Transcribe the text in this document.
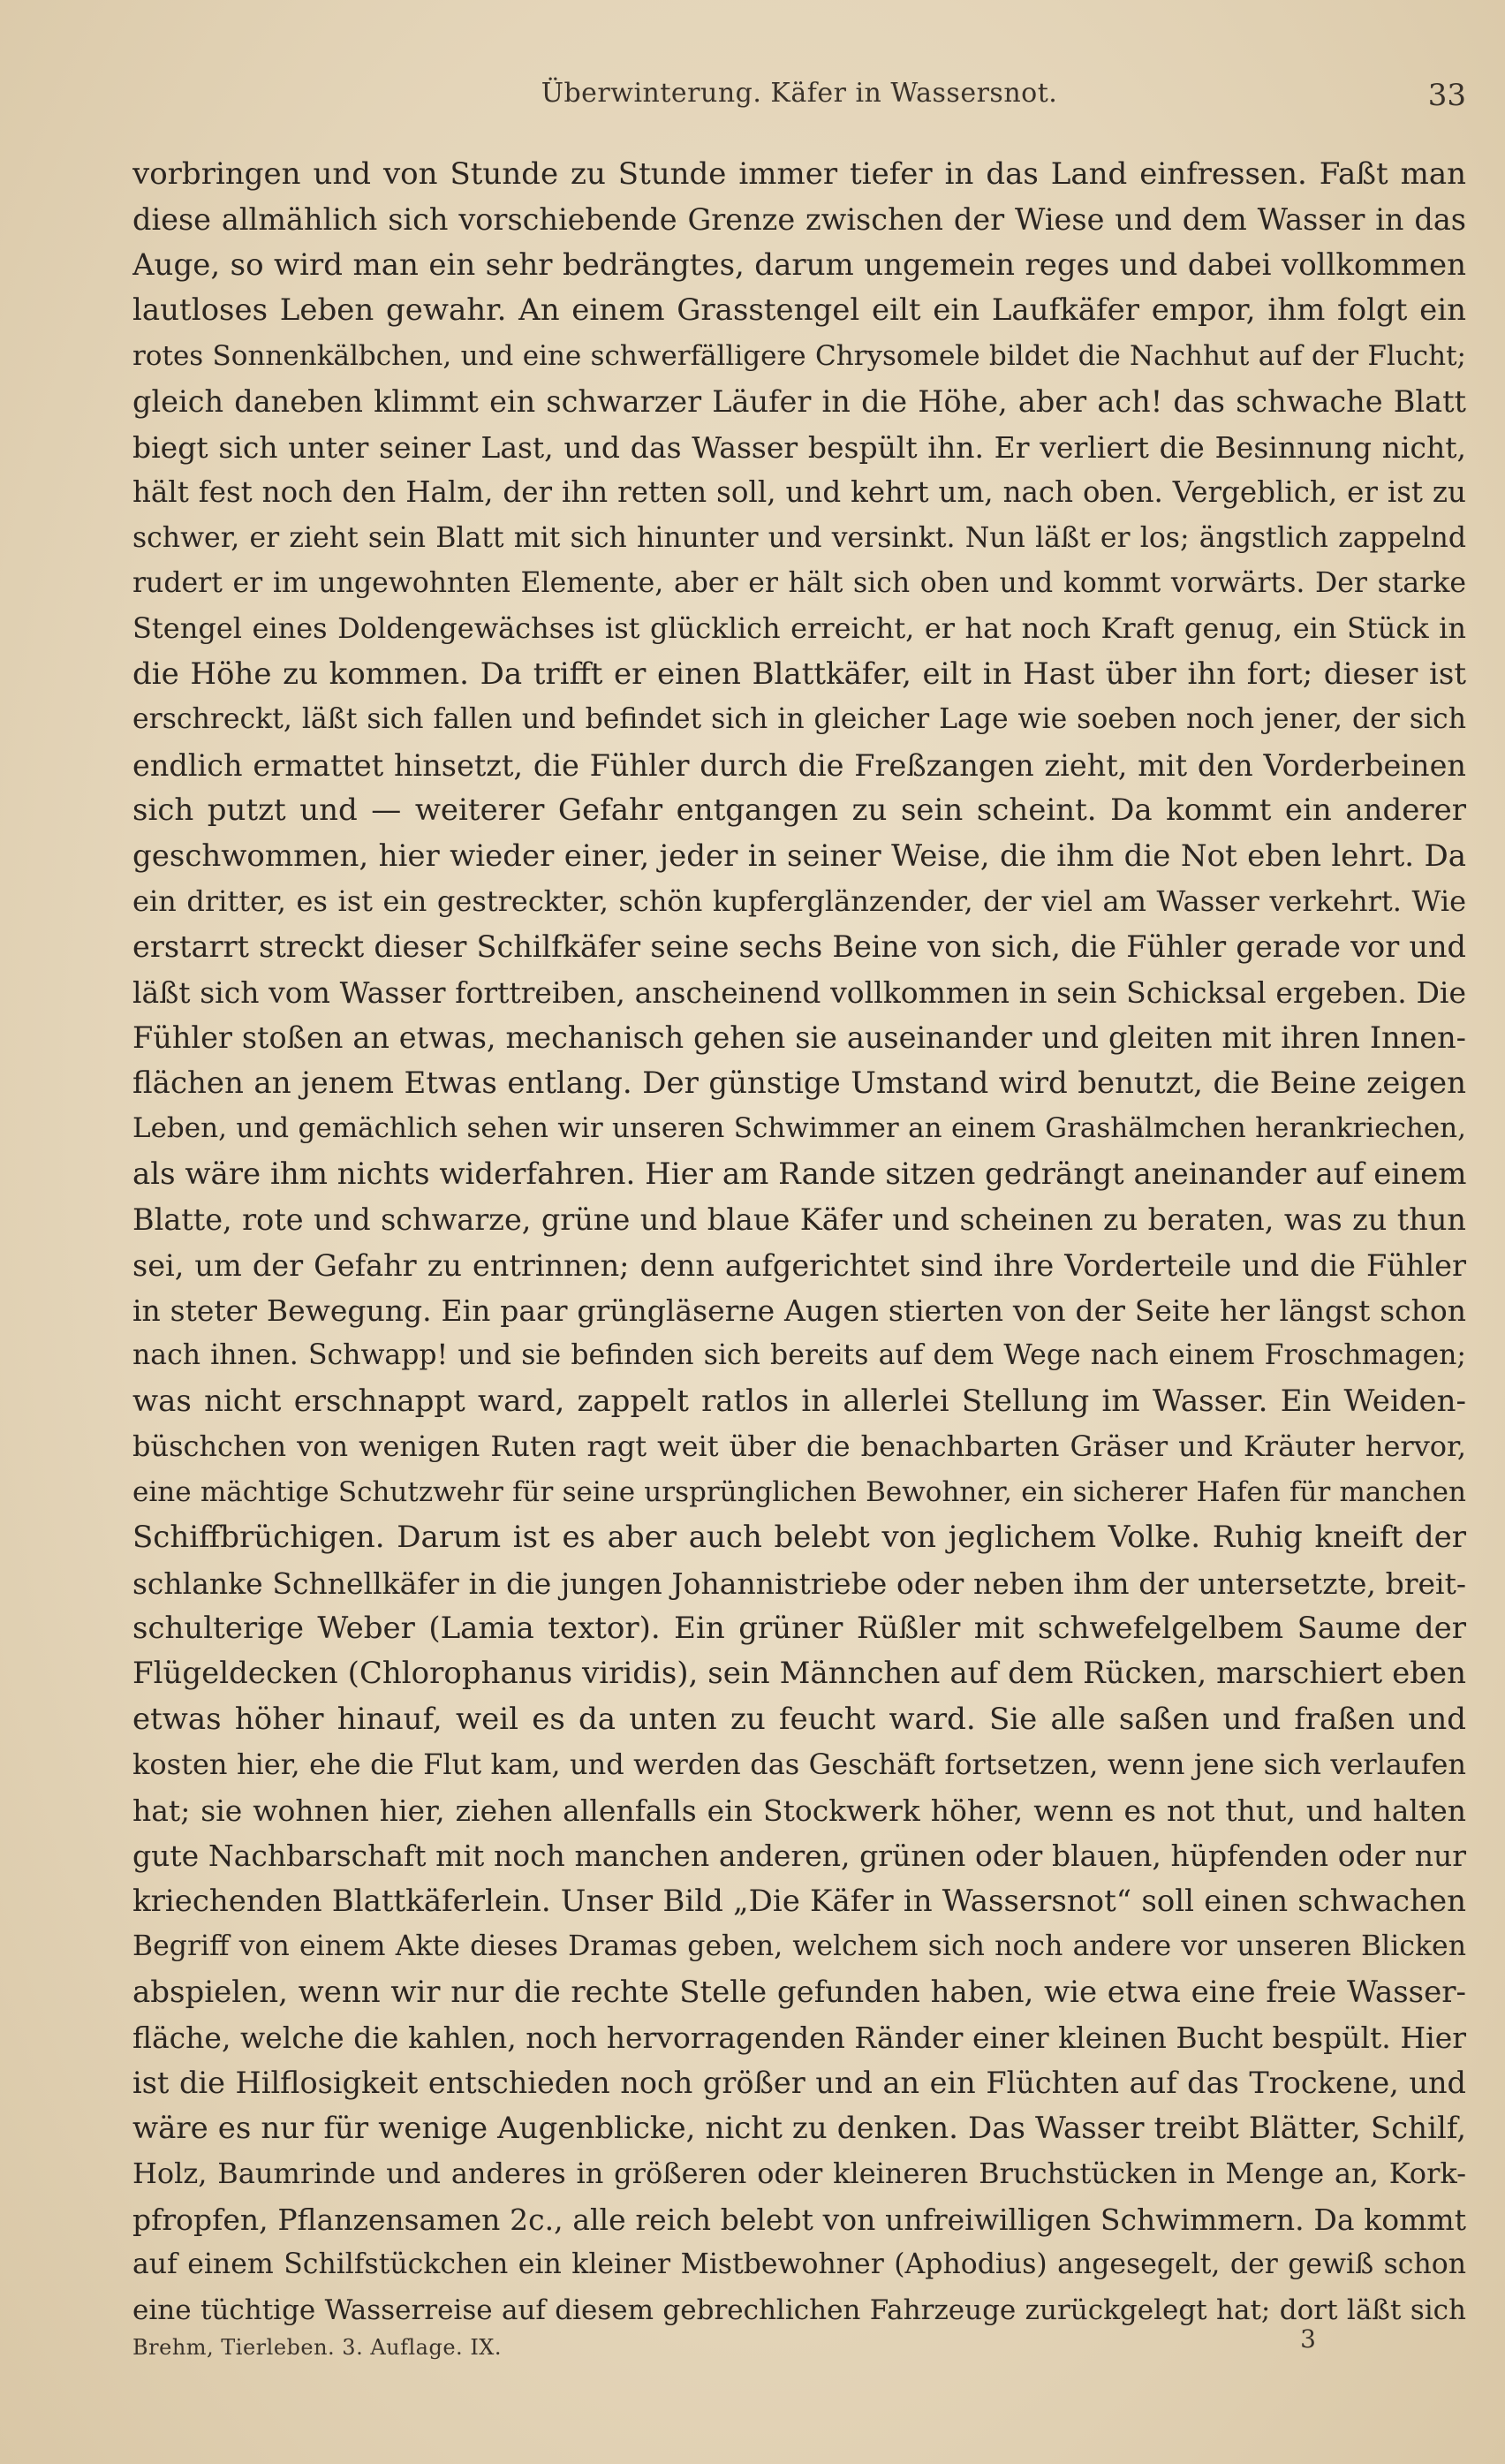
Überwinterung. Käfer in Wassersnot.	33
vorbringen und von Stunde zu Stunde immer tiefer in das Land einfressen. Faßt man
diese allmählich sich vorschiebende Grenze zwischen der Wiese und dem Wasser in das
Auge, so wird man ein sehr bedrängtes, darum ungemein reges und dabei vollkommen
lautloses Leben gewahr. An einem Grasstengel eilt ein Laufkäfer empor, ihm folgt ein
rotes Sonnenkälbchen, und eine schwerfälligere Chrysomele bildet die Nachhut auf der Flucht;
gleich daneben klimmt ein schwarzer Läufer in die Höhe, aber ach! das schwache Blatt
biegt sich unter seiner Last, und das Wasser bespült ihn. Er verliert die Besinnung nicht,
hält fest noch den Halm, der ihn retten soll, und kehrt um, nach oben. Vergeblich, er ist zu
schwer, er zieht sein Blatt mit sich hinunter und versinkt. Nun läßt er los; ängstlich zappelnd
rudert er im ungewohnten Elemente, aber er hält sich oben und kommt vorwärts. Der starke
Stengel eines Doldengewächses ist glücklich erreicht, er hat noch Kraft genug, ein Stück in
die Höhe zu kommen. Da trifft er einen Blattkäfer, eilt in Hast über ihn fort; dieser ist
erschreckt, läßt sich fallen und befindet sich in gleicher Lage wie soeben noch jener, der sich
endlich ermattet hinsetzt, die Fühler durch die Freßzangen zieht, mit den Vorderbeinen
sich putzt und — weiterer Gefahr entgangen zu sein scheint. Da kommt ein anderer
geschwommen, hier wieder einer, jeder in seiner Weise, die ihm die Not eben lehrt. Da
ein dritter, es ist ein gestreckter, schön kupferglänzender, der viel am Wasser verkehrt. Wie
erstarrt streckt dieser Schilfkäfer seine sechs Beine von sich, die Fühler gerade vor und
läßt sich vom Wasser forttreiben, anscheinend vollkommen in sein Schicksal ergeben. Die
Fühler stoßen an etwas, mechanisch gehen sie auseinander und gleiten mit ihren Innen-
flächen an jenem Etwas entlang. Der günstige Umstand wird benutzt, die Beine zeigen
Leben, und gemächlich sehen wir unseren Schwimmer an einem Grashälmchen herankriechen,
als wäre ihm nichts widerfahren. Hier am Rande sitzen gedrängt aneinander auf einem
Blatte, rote und schwarze, grüne und blaue Käfer und scheinen zu beraten, was zu thun
sei, um der Gefahr zu entrinnen; denn aufgerichtet sind ihre Vorderteile und die Fühler
in steter Bewegung. Ein paar grüngläserne Augen stierten von der Seite her längst schon
nach ihnen. Schwapp! und sie befinden sich bereits auf dem Wege nach einem Froschmagen;
was nicht erschnappt ward, zappelt ratlos in allerlei Stellung im Wasser. Ein Weiden-
büschchen von wenigen Ruten ragt weit über die benachbarten Gräser und Kräuter hervor,
eine mächtige Schutzwehr für seine ursprünglichen Bewohner, ein sicherer Hafen für manchen
Schiffbrüchigen. Darum ist es aber auch belebt von jeglichem Volke. Ruhig kneift der
schlanke Schnellkäfer in die jungen Johannistriebe oder neben ihm der untersetzte, breit-
schulterige Weber (Lamia textor). Ein grüner Rüßler mit schwefelgelbem Saume der
Flügeldecken (Chlorophanus viridis), sein Männchen auf dem Rücken, marschiert eben
etwas höher hinauf, weil es da unten zu feucht ward. Sie alle saßen und fraßen und
kosten hier, ehe die Flut kam, und werden das Geschäft fortsetzen, wenn jene sich verlaufen
hat; sie wohnen hier, ziehen allenfalls ein Stockwerk höher, wenn es not thut, und halten
gute Nachbarschaft mit noch manchen anderen, grünen oder blauen, hüpfenden oder nur
kriechenden Blattkäferlein. Unser Bild „Die Käfer in Wassersnot“ soll einen schwachen
Begriff von einem Akte dieses Dramas geben, welchem sich noch andere vor unseren Blicken
abspielen, wenn wir nur die rechte Stelle gefunden haben, wie etwa eine freie Wasser-
fläche, welche die kahlen, noch hervorragenden Ränder einer kleinen Bucht bespült. Hier
ist die Hilflosigkeit entschieden noch größer und an ein Flüchten auf das Trockene, und
wäre es nur für wenige Augenblicke, nicht zu denken. Das Wasser treibt Blätter, Schilf,
Holz, Baumrinde und anderes in größeren oder kleineren Bruchstücken in Menge an, Kork-
pfropfen, Pflanzensamen 2c., alle reich belebt von unfreiwilligen Schwimmern. Da kommt
auf einem Schilfstückchen ein kleiner Mistbewohner (Aphodius) angesegelt, der gewiß schon
eine tüchtige Wasserreise auf diesem gebrechlichen Fahrzeuge zurückgelegt hat; dort läßt sich
Brehm, Tierleben. 3. Auflage. IX.	3
